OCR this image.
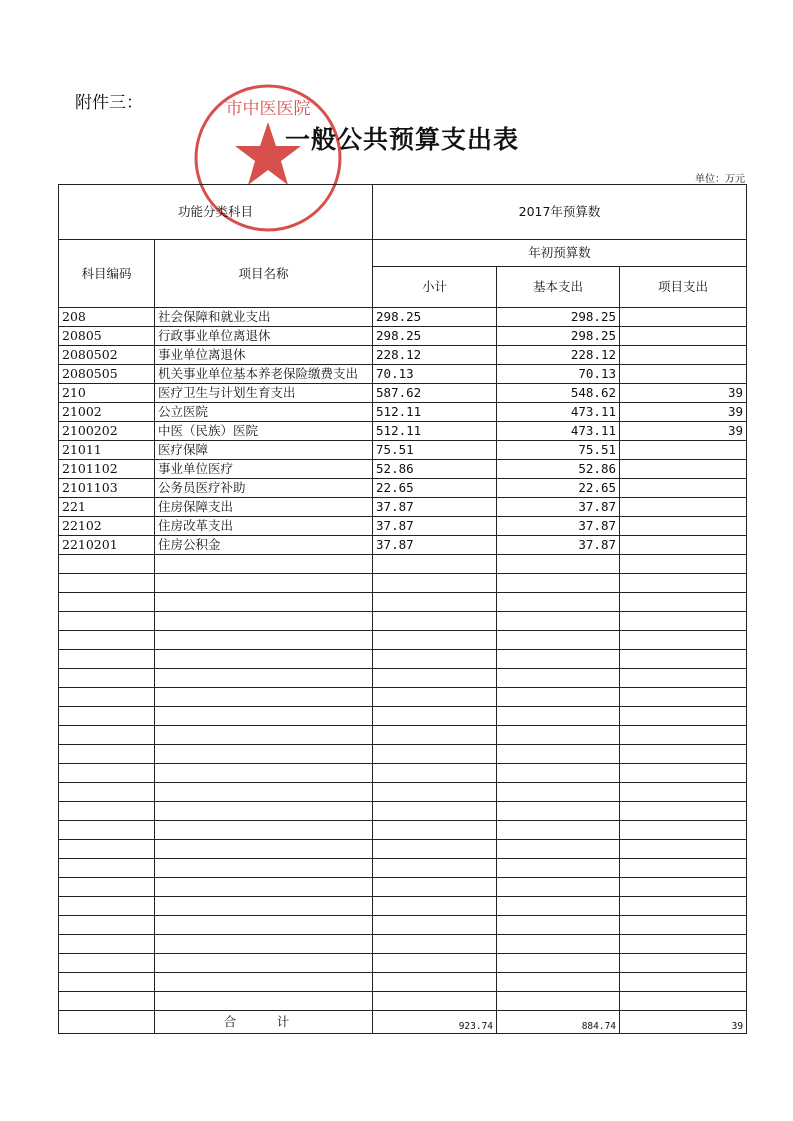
附件三：	市中医医院
一般公共预算支出表
单位：万元
功能分类科目		2017年预算数		
科目编码	项目名称	年初预算数		
		小计	基本支出	项目支出
208	社会保障和就业支出	298.25	298.25	
20805	行政事业单位离退休	298.25	298.25	
2080502	事业单位离退休	228.12	228.12	
2080505	机关事业单位基本养老保险缴费支出	70.13	70.13	
210	医疗卫生与计划生育支出	587.62	548.62	39
21002	公立医院	512.11	473.11	39
2100202	中医（民族）医院	512.11	473.11	39
21011	医疗保障	75.51	75.51	
2101102	事业单位医疗	52.86	52.86	
2101103	公务员医疗补助	22.65	22.65	
221	住房保障支出	37.87	37.87	
22102	住房改革支出	37.87	37.87	
2210201	住房公积金	37.87	37.87	

	合　计	923.74	884.74	39
